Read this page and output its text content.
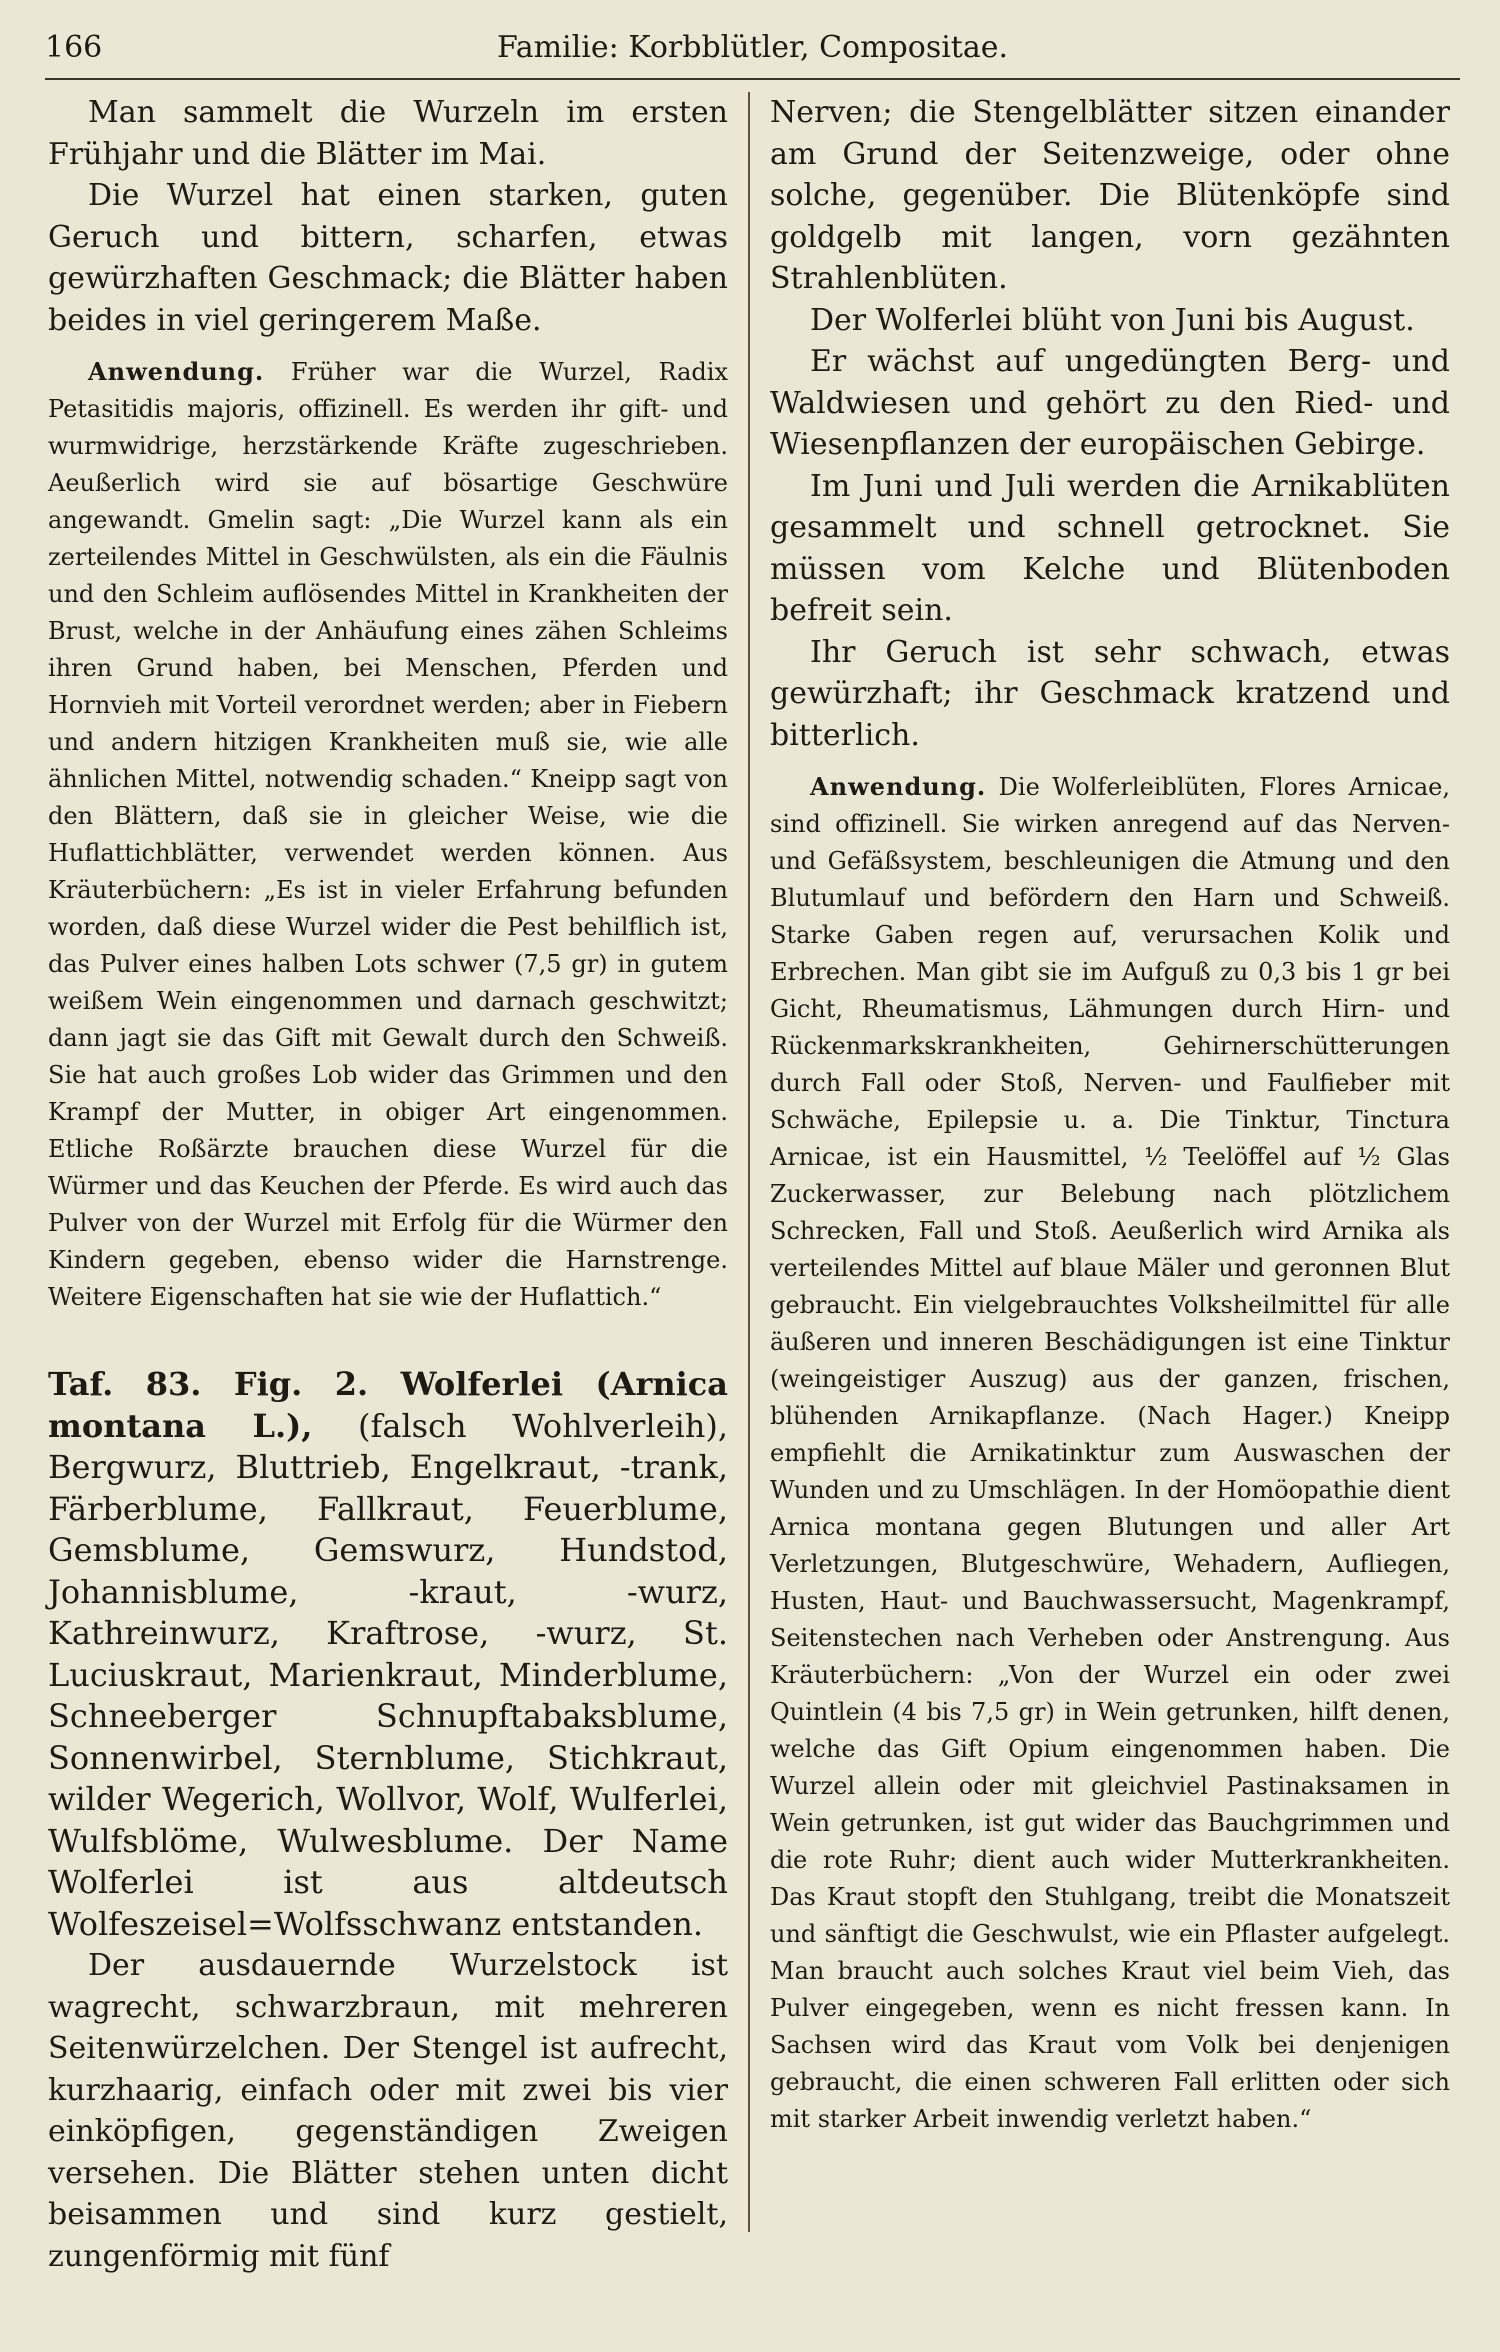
166	Familie: Korbblütler, Compositae.

Man sammelt die Wurzeln im ersten Frühjahr und die Blätter im Mai.

Die Wurzel hat einen starken, guten Geruch und bittern, scharfen, etwas gewürzhaften Geschmack; die Blätter haben beides in viel geringerem Maße.

Anwendung. Früher war die Wurzel, Radix Petasitidis majoris, offizinell. Es werden ihr gift- und wurmwidrige, herzstärkende Kräfte zugeschrieben. Aeußerlich wird sie auf bösartige Geschwüre angewandt. Gmelin sagt: „Die Wurzel kann als ein zerteilendes Mittel in Geschwülsten, als ein die Fäulnis und den Schleim auflösendes Mittel in Krankheiten der Brust, welche in der Anhäufung eines zähen Schleims ihren Grund haben, bei Menschen, Pferden und Hornvieh mit Vorteil verordnet werden; aber in Fiebern und andern hitzigen Krankheiten muß sie, wie alle ähnlichen Mittel, notwendig schaden.“ Kneipp sagt von den Blättern, daß sie in gleicher Weise, wie die Huflattichblätter, verwendet werden können. Aus Kräuterbüchern: „Es ist in vieler Erfahrung befunden worden, daß diese Wurzel wider die Pest behilflich ist, das Pulver eines halben Lots schwer (7,5 gr) in gutem weißem Wein eingenommen und darnach geschwitzt; dann jagt sie das Gift mit Gewalt durch den Schweiß. Sie hat auch großes Lob wider das Grimmen und den Krampf der Mutter, in obiger Art eingenommen. Etliche Roßärzte brauchen diese Wurzel für die Würmer und das Keuchen der Pferde. Es wird auch das Pulver von der Wurzel mit Erfolg für die Würmer den Kindern gegeben, ebenso wider die Harnstrenge. Weitere Eigenschaften hat sie wie der Huflattich.“

Taf. 83. Fig. 2. Wolferlei (Arnica montana L.), (falsch Wohlverleih), Bergwurz, Bluttrieb, Engelkraut, -trank, Färberblume, Fallkraut, Feuerblume, Gemsblume, Gemswurz, Hundstod, Johannisblume, -kraut, -wurz, Kathreinwurz, Kraftrose, -wurz, St. Luciuskraut, Marienkraut, Minderblume, Schneeberger Schnupftabaksblume, Sonnenwirbel, Sternblume, Stichkraut, wilder Wegerich, Wollvor, Wolf, Wulferlei, Wulfsblöme, Wulwesblume. Der Name Wolferlei ist aus altdeutsch Wolfeszeisel=Wolfsschwanz entstanden.

Der ausdauernde Wurzelstock ist wagrecht, schwarzbraun, mit mehreren Seitenwürzelchen. Der Stengel ist aufrecht, kurzhaarig, einfach oder mit zwei bis vier einköpfigen, gegenständigen Zweigen versehen. Die Blätter stehen unten dicht beisammen und sind kurz gestielt, zungenförmig mit fünf

Nerven; die Stengelblätter sitzen einander am Grund der Seitenzweige, oder ohne solche, gegenüber. Die Blütenköpfe sind goldgelb mit langen, vorn gezähnten Strahlenblüten.

Der Wolferlei blüht von Juni bis August.

Er wächst auf ungedüngten Berg- und Waldwiesen und gehört zu den Ried- und Wiesenpflanzen der europäischen Gebirge.

Im Juni und Juli werden die Arnikablüten gesammelt und schnell getrocknet. Sie müssen vom Kelche und Blütenboden befreit sein.

Ihr Geruch ist sehr schwach, etwas gewürzhaft; ihr Geschmack kratzend und bitterlich.

Anwendung. Die Wolferleiblüten, Flores Arnicae, sind offizinell. Sie wirken anregend auf das Nerven- und Gefäßsystem, beschleunigen die Atmung und den Blutumlauf und befördern den Harn und Schweiß. Starke Gaben regen auf, verursachen Kolik und Erbrechen. Man gibt sie im Aufguß zu 0,3 bis 1 gr bei Gicht, Rheumatismus, Lähmungen durch Hirn- und Rückenmarkskrankheiten, Gehirnerschütterungen durch Fall oder Stoß, Nerven- und Faulfieber mit Schwäche, Epilepsie u. a. Die Tinktur, Tinctura Arnicae, ist ein Hausmittel, ½ Teelöffel auf ½ Glas Zuckerwasser, zur Belebung nach plötzlichem Schrecken, Fall und Stoß. Aeußerlich wird Arnika als verteilendes Mittel auf blaue Mäler und geronnen Blut gebraucht. Ein vielgebrauchtes Volksheilmittel für alle äußeren und inneren Beschädigungen ist eine Tinktur (weingeistiger Auszug) aus der ganzen, frischen, blühenden Arnikapflanze. (Nach Hager.) Kneipp empfiehlt die Arnikatinktur zum Auswaschen der Wunden und zu Umschlägen. In der Homöopathie dient Arnica montana gegen Blutungen und aller Art Verletzungen, Blutgeschwüre, Wehadern, Aufliegen, Husten, Haut- und Bauchwassersucht, Magenkrampf, Seitenstechen nach Verheben oder Anstrengung. Aus Kräuterbüchern: „Von der Wurzel ein oder zwei Quintlein (4 bis 7,5 gr) in Wein getrunken, hilft denen, welche das Gift Opium eingenommen haben. Die Wurzel allein oder mit gleichviel Pastinaksamen in Wein getrunken, ist gut wider das Bauchgrimmen und die rote Ruhr; dient auch wider Mutterkrankheiten. Das Kraut stopft den Stuhlgang, treibt die Monatszeit und sänftigt die Geschwulst, wie ein Pflaster aufgelegt. Man braucht auch solches Kraut viel beim Vieh, das Pulver eingegeben, wenn es nicht fressen kann. In Sachsen wird das Kraut vom Volk bei denjenigen gebraucht, die einen schweren Fall erlitten oder sich mit starker Arbeit inwendig verletzt haben.“
